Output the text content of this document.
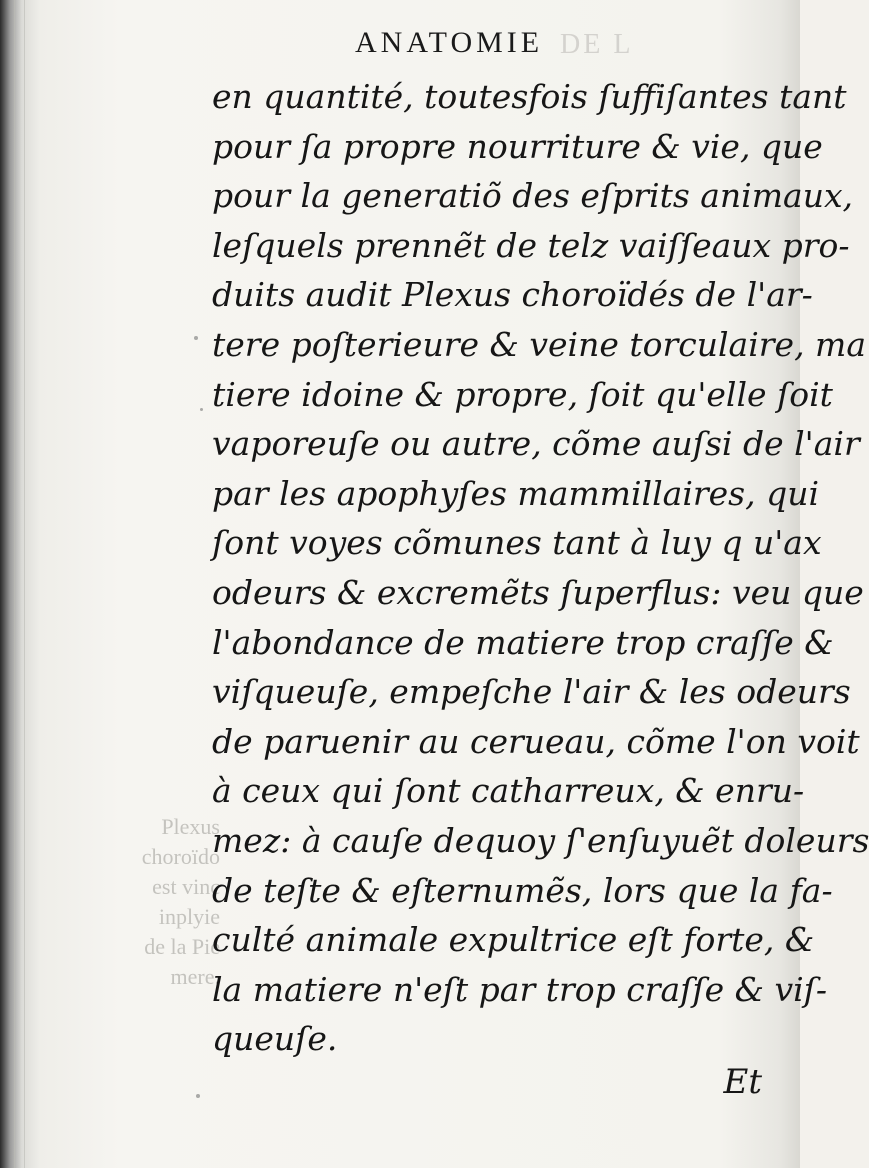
DE L
Plexus
choroïdo
est vinc
inplyie
de la Pie
mere.
ANATOMIE
en quantité, toutesfois ſuffiſantes tant
pour ſa propre nourriture & vie, que
pour la generatiõ des eſprits animaux,
leſquels prennẽt de telz vaiſſeaux pro-
duits audit Plexus choroïdés de l'ar-
tere poſterieure & veine torculaire, ma
tiere idoine & propre, ſoit qu'elle ſoit
vaporeuſe ou autre, cõme auſsi de l'air
par les apophyſes mammillaires, qui
ſont voyes cõmunes tant à luy q u'ax
odeurs & excremẽts ſuperflus: veu que
l'abondance de matiere trop craſſe &
viſqueuſe, empeſche l'air & les odeurs
de paruenir au cerueau, cõme l'on voit
à ceux qui ſont catharreux, & enru-
mez: à cauſe dequoy ſ'enſuyuẽt doleurs
de teſte & eſternumẽs, lors que la fa-
culté animale expultrice eſt forte, &
la matiere n'eſt par trop craſſe & viſ-
queuſe.
Et
